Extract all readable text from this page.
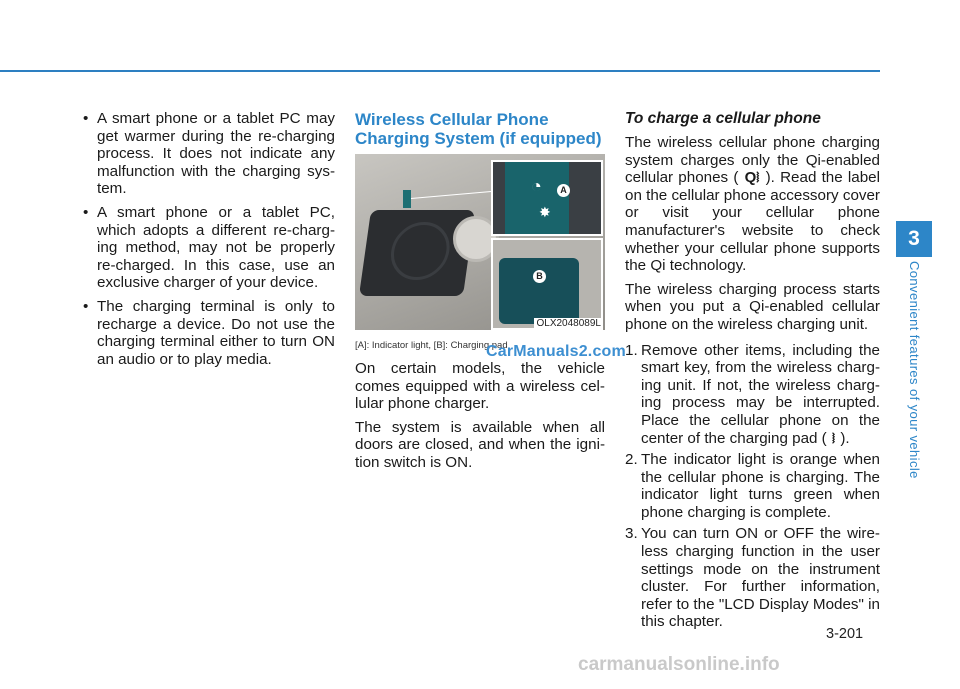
• A smart phone or a tablet PC may get warmer during the re-charging process. It does not indicate any malfunction with the charging sys-tem.
• A smart phone or a tablet PC, which adopts a different re-charg-ing method, may not be properly re-charged. In this case, use an exclusive charger of your device.
• The charging terminal is only to recharge a device. Do not use the charging terminal either to turn ON an audio or to play media.
Wireless Cellular Phone Charging System (if equipped)
◔
✸
A
B
OLX2048089L
[A]: Indicator light, [B]: Charging pad

On certain models, the vehicle comes equipped with a wireless cel-lular phone charger.

The system is available when all doors are closed, and when the igni-tion switch is ON.

CarManuals2.com
To charge a cellular phone

The wireless cellular phone charging system charges only the Qi-enabled cellular phones ( Q⧘ ). Read the label on the cellular phone accessory cover or visit your cellular phone manufacturer's website to check whether your cellular phone supports the Qi technology.

The wireless charging process starts when you put a Qi-enabled cellular phone on the wireless charging unit.

1. Remove other items, including the smart key, from the wireless charg-ing unit. If not, the wireless charg-ing process may be interrupted. Place the cellular phone on the center of the charging pad ( ⧘ ).
2. The indicator light is orange when the cellular phone is charging. The indicator light turns green when phone charging is complete.
3. You can turn ON or OFF the wire-less charging function in the user settings mode on the instrument cluster. For further information, refer to the "LCD Display Modes" in this chapter.
3
Convenient features of your vehicle
3-201
carmanualsonline.info
